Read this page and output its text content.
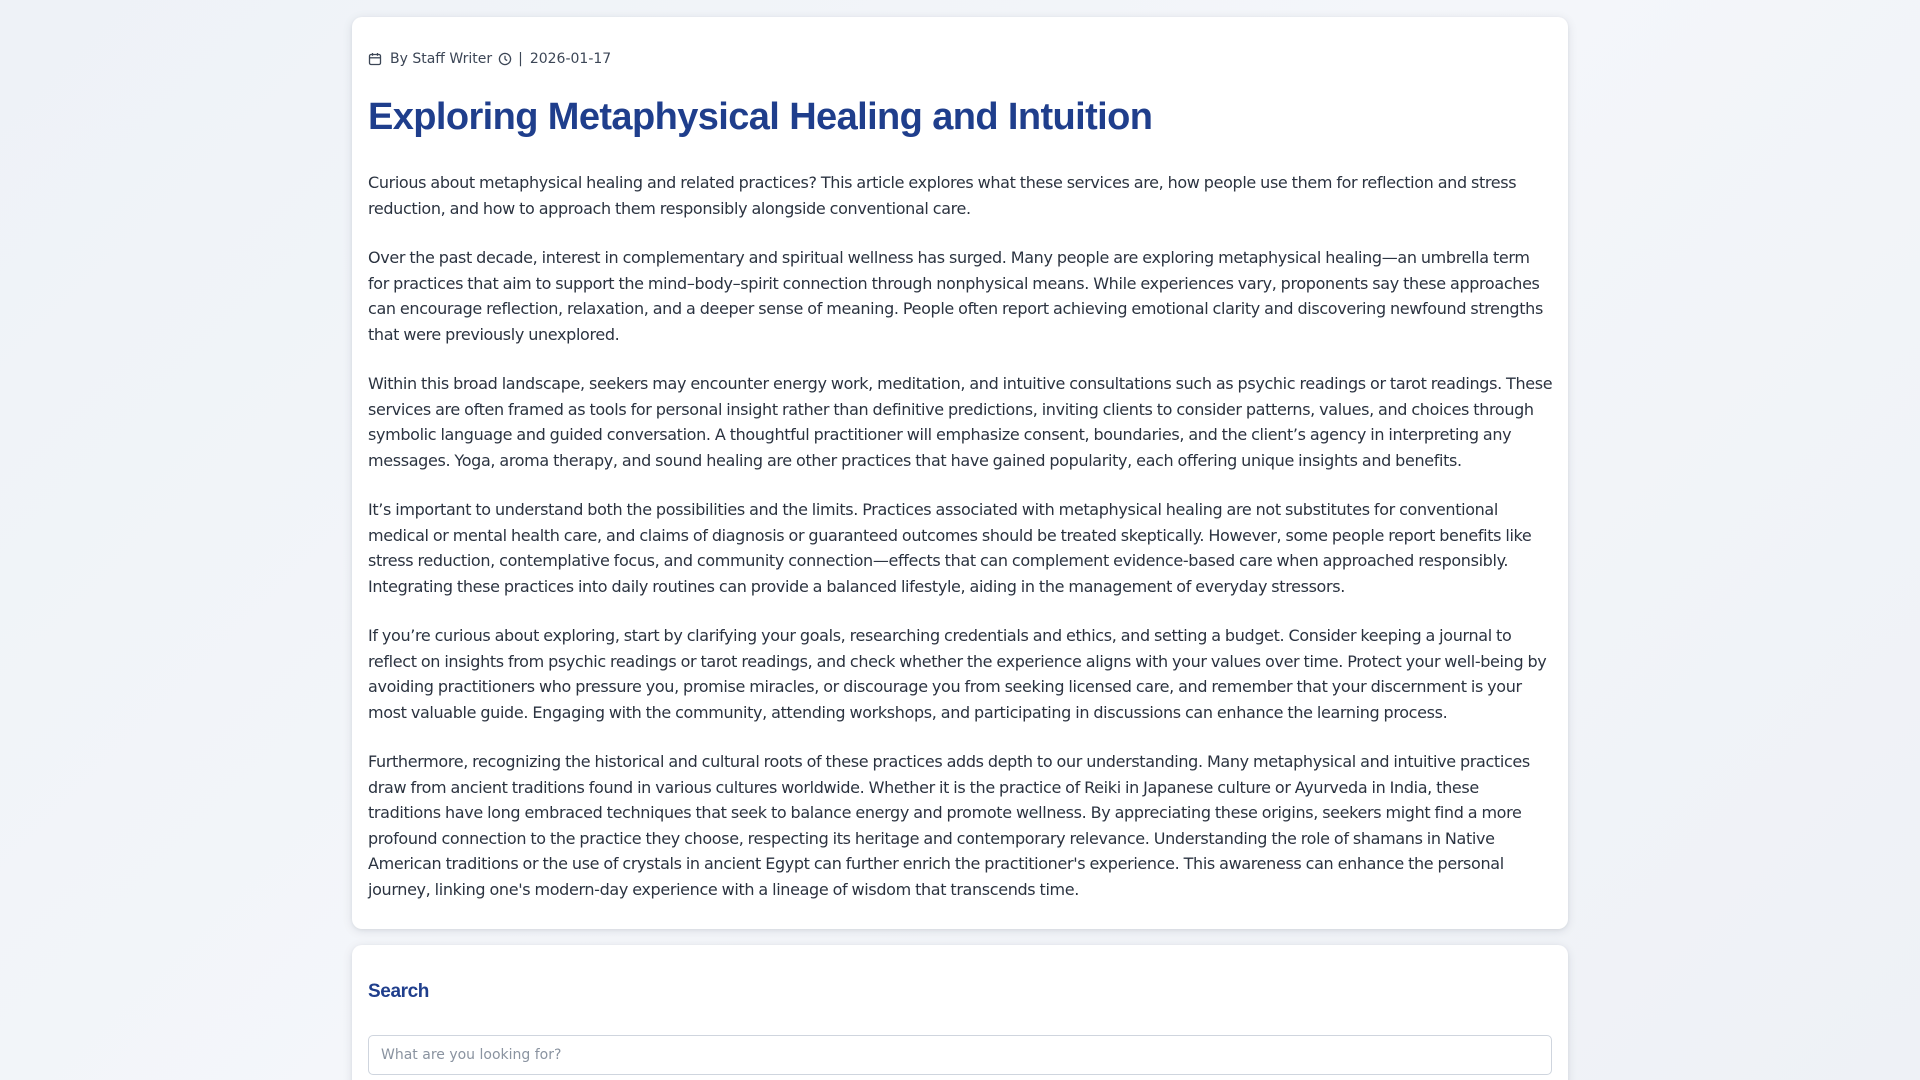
By Staff Writer | 2026-01-17
Exploring Metaphysical Healing and Intuition

Curious about metaphysical healing and related practices? This article explores what these services are, how people use them for reflection and stress reduction, and how to approach them responsibly alongside conventional care.

Over the past decade, interest in complementary and spiritual wellness has surged. Many people are exploring metaphysical healing—an umbrella term for practices that aim to support the mind–body–spirit connection through nonphysical means. While experiences vary, proponents say these approaches can encourage reflection, relaxation, and a deeper sense of meaning. People often report achieving emotional clarity and discovering newfound strengths that were previously unexplored.

Within this broad landscape, seekers may encounter energy work, meditation, and intuitive consultations such as psychic readings or tarot readings. These services are often framed as tools for personal insight rather than definitive predictions, inviting clients to consider patterns, values, and choices through symbolic language and guided conversation. A thoughtful practitioner will emphasize consent, boundaries, and the client’s agency in interpreting any messages. Yoga, aroma therapy, and sound healing are other practices that have gained popularity, each offering unique insights and benefits.

It’s important to understand both the possibilities and the limits. Practices associated with metaphysical healing are not substitutes for conventional medical or mental health care, and claims of diagnosis or guaranteed outcomes should be treated skeptically. However, some people report benefits like stress reduction, contemplative focus, and community connection—effects that can complement evidence-based care when approached responsibly. Integrating these practices into daily routines can provide a balanced lifestyle, aiding in the management of everyday stressors.

If you’re curious about exploring, start by clarifying your goals, researching credentials and ethics, and setting a budget. Consider keeping a journal to reflect on insights from psychic readings or tarot readings, and check whether the experience aligns with your values over time. Protect your well-being by avoiding practitioners who pressure you, promise miracles, or discourage you from seeking licensed care, and remember that your discernment is your most valuable guide. Engaging with the community, attending workshops, and participating in discussions can enhance the learning process.

Furthermore, recognizing the historical and cultural roots of these practices adds depth to our understanding. Many metaphysical and intuitive practices draw from ancient traditions found in various cultures worldwide. Whether it is the practice of Reiki in Japanese culture or Ayurveda in India, these traditions have long embraced techniques that seek to balance energy and promote wellness. By appreciating these origins, seekers might find a more profound connection to the practice they choose, respecting its heritage and contemporary relevance. Understanding the role of shamans in Native American traditions or the use of crystals in ancient Egypt can further enrich the practitioner's experience. This awareness can enhance the personal journey, linking one's modern-day experience with a lineage of wisdom that transcends time.

Search
What are you looking for?
